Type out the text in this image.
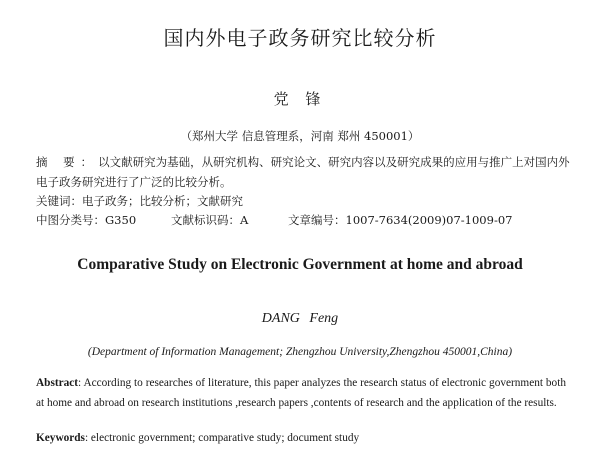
国内外电子政务研究比较分析
党 锋
（郑州大学 信息管理系，河南 郑州 450001）
摘 要：以文献研究为基础，从研究机构、研究论文、研究内容以及研究成果的应用与推广上对国内外电子政务研究进行了广泛的比较分析。
关键词：电子政务；比较分析；文献研究
中图分类号：G350	文献标识码：A	文章编号：1007-7634(2009)07-1009-07
Comparative Study on Electronic Government at home and abroad
DANG Feng
(Department of Information Management; Zhengzhou University,Zhengzhou 450001,China)
Abstract: According to researches of literature, this paper analyzes the research status of electronic government both at home and abroad on research institutions ,research papers ,contents of research and the application of the results.
Keywords: electronic government; comparative study; document study
